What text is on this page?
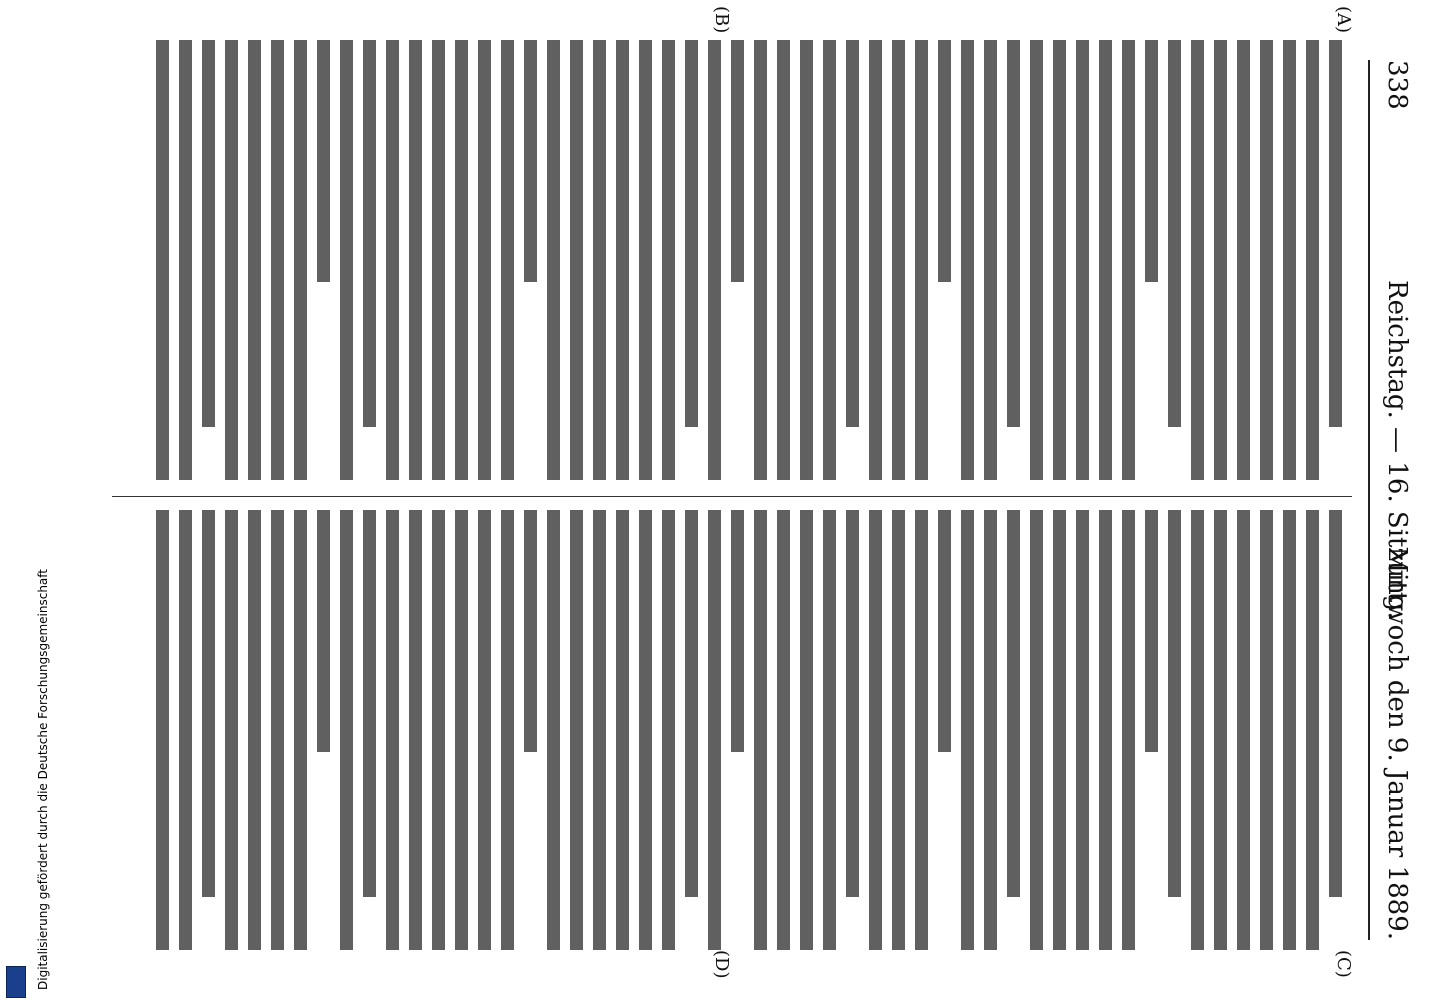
Digitalisierung gefördert durch die Deutsche Forschungsgemeinschaft
338
Reichstag. — 16. Sitzung.
Mittwoch den 9. Januar 1889.
(A)
(B)
(C)
(D)
